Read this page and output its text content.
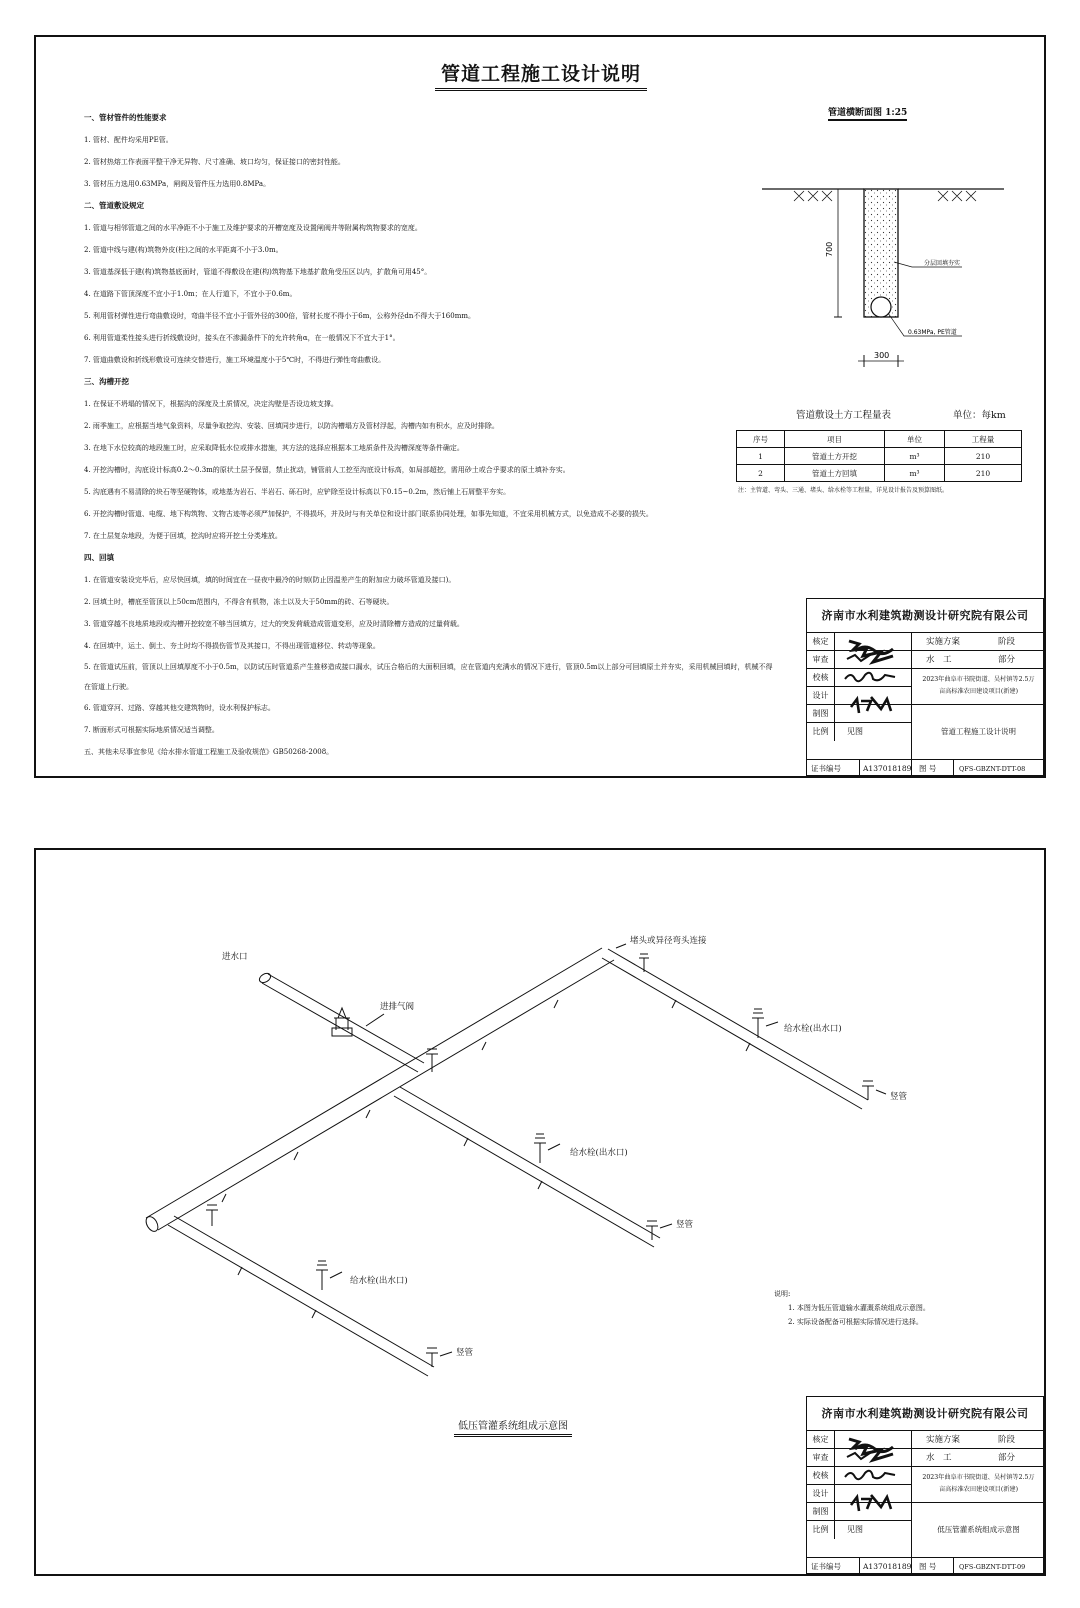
管道工程施工设计说明
一、管材管件的性能要求
1. 管材、配件均采用PE管。
2. 管材热熔工作表面平整干净无异物、尺寸准确、坡口均匀，保证接口的密封性能。
3. 管材压力选用0.63MPa，闸阀及管件压力选用0.8MPa。
二、管道敷设规定
1. 管道与相邻管道之间的水平净距不小于施工及维护要求的开槽宽度及设置闸阀井等附属构筑物要求的宽度。
2. 管道中线与建(构)筑物外皮(柱)之间的水平距离不小于3.0m。
3. 管道基深低于建(构)筑物基底面时，管道不得敷设在建(构)筑物基下地基扩散角受压区以内，扩散角可用45°。
4. 在道路下管顶深度不宜小于1.0m；在人行道下，不宜小于0.6m。
5. 利用管材弹性进行弯曲敷设时，弯曲半径不宜小于管外径的300倍，管材长度不得小于6m，公称外径dn不得大于160mm。
6. 利用管道柔性接头进行折线敷设时，接头在不渗漏条件下的允许转角α，在一般情况下不宜大于1°。
7. 管道曲敷设和折线形敷设可连续交替进行，施工环境温度小于5℃时，不得进行弹性弯曲敷设。
三、沟槽开挖
1. 在保证不坍塌的情况下，根据沟的深度及土质情况，决定沟壁是否设边坡支撑。
2. 雨季施工，应根据当地气象资料，尽量争取挖沟、安装、回填同步进行，以防沟槽塌方及管材浮起，沟槽内如有积水，应及时排除。
3. 在地下水位较高的地段施工时，应采取降低水位或排水措施，其方法的选择应根据本工地质条件及沟槽深度等条件确定。
4. 开挖沟槽时，沟底设计标高0.2～0.3m的原状土层予保留，禁止扰动，铺管前人工挖至沟底设计标高，如局部超挖，需用砂土或合乎要求的原土填补夯实。
5. 沟底遇有不易清除的块石等坚硬物体，或地基为岩石、半岩石、砾石时，应铲除至设计标高以下0.15~0.2m，然后铺上石屑整平夯实。
6. 开挖沟槽时管道、电缆、地下构筑物、文物古迹等必须严加保护，不得损坏，并及时与有关单位和设计部门联系协同处理，如事先知道，不宜采用机械方式，以免造成不必要的损失。
7. 在土层复杂地段，为便于回填，挖沟时应将开挖土分类堆放。
四、回填
1. 在管道安装设完毕后，应尽快回填，填的时间宜在一昼夜中最冷的时刻(防止因温差产生的附加应力破坏管道及接口)。
2. 回填土时，槽底至管顶以上50cm范围内，不得含有机物，冻土以及大于50mm的砖、石等硬块。
3. 管道穿越不良地质地段或沟槽开挖较宽不够当回填方，过大的突发荷载造成管道变形，应及时清除槽方造成的过量荷载。
4. 在回填中，运土、倒土、夯土时均不得损伤管节及其接口，不得出现管道移位、转动等现象。
5. 在管道试压前，管顶以上回填厚度不小于0.5m，以防试压时管道系产生推移造成接口漏水，试压合格后的大面积回填，应在管道内充满水的情况下进行，管顶0.5m以上部分可回填原土并夯实，采用机械回填时，机械不得在管道上行驶。
6. 管道穿河、过路、穿越其他交建筑物时，设水利保护标志。
7. 断面形式可根据实际地质情况适当调整。
五、其他未尽事宜参见《给水排水管道工程施工及验收规范》GB50268-2008。
管道横断面图 1:25
700
分层回填夯实
0.63MPa, PE管道
300
管道敷设土方工程量表	单位：每km
序号	项目	单位	工程量
1	管道土方开挖	m³	210
2	管道土方回填	m³	210
注：主管道、弯头、三通、堵头、给水栓等工程量，详见设计报告及预算图纸。
济南市水利建筑勘测设计研究院有限公司
核定
审查
校核
设计
制图
比例	见图
实施方案	阶段
水　工	部分
2023年曲阜市书院街道、吴村镇等2.5万
亩高标准农田建设项目(新建)
管道工程施工设计说明
证书编号	A137018189 图 号	QFS-GBZNT-DTT-08
进水口
进排气阀
堵头或异径弯头连接
给水栓(出水口)
给水栓(出水口)
给水栓(出水口)
竖管
竖管
竖管
说明:
1. 本图为低压管道输水灌溉系统组成示意图。
2. 实际设备配备可根据实际情况进行选择。
低压管灌系统组成示意图
济南市水利建筑勘测设计研究院有限公司
核定
审查
校核
设计
制图
比例	见图
实施方案	阶段
水　工	部分
2023年曲阜市书院街道、吴村镇等2.5万
亩高标准农田建设项目(新建)
低压管灌系统组成示意图
证书编号	A137018189 图 号	QFS-GBZNT-DTT-09
